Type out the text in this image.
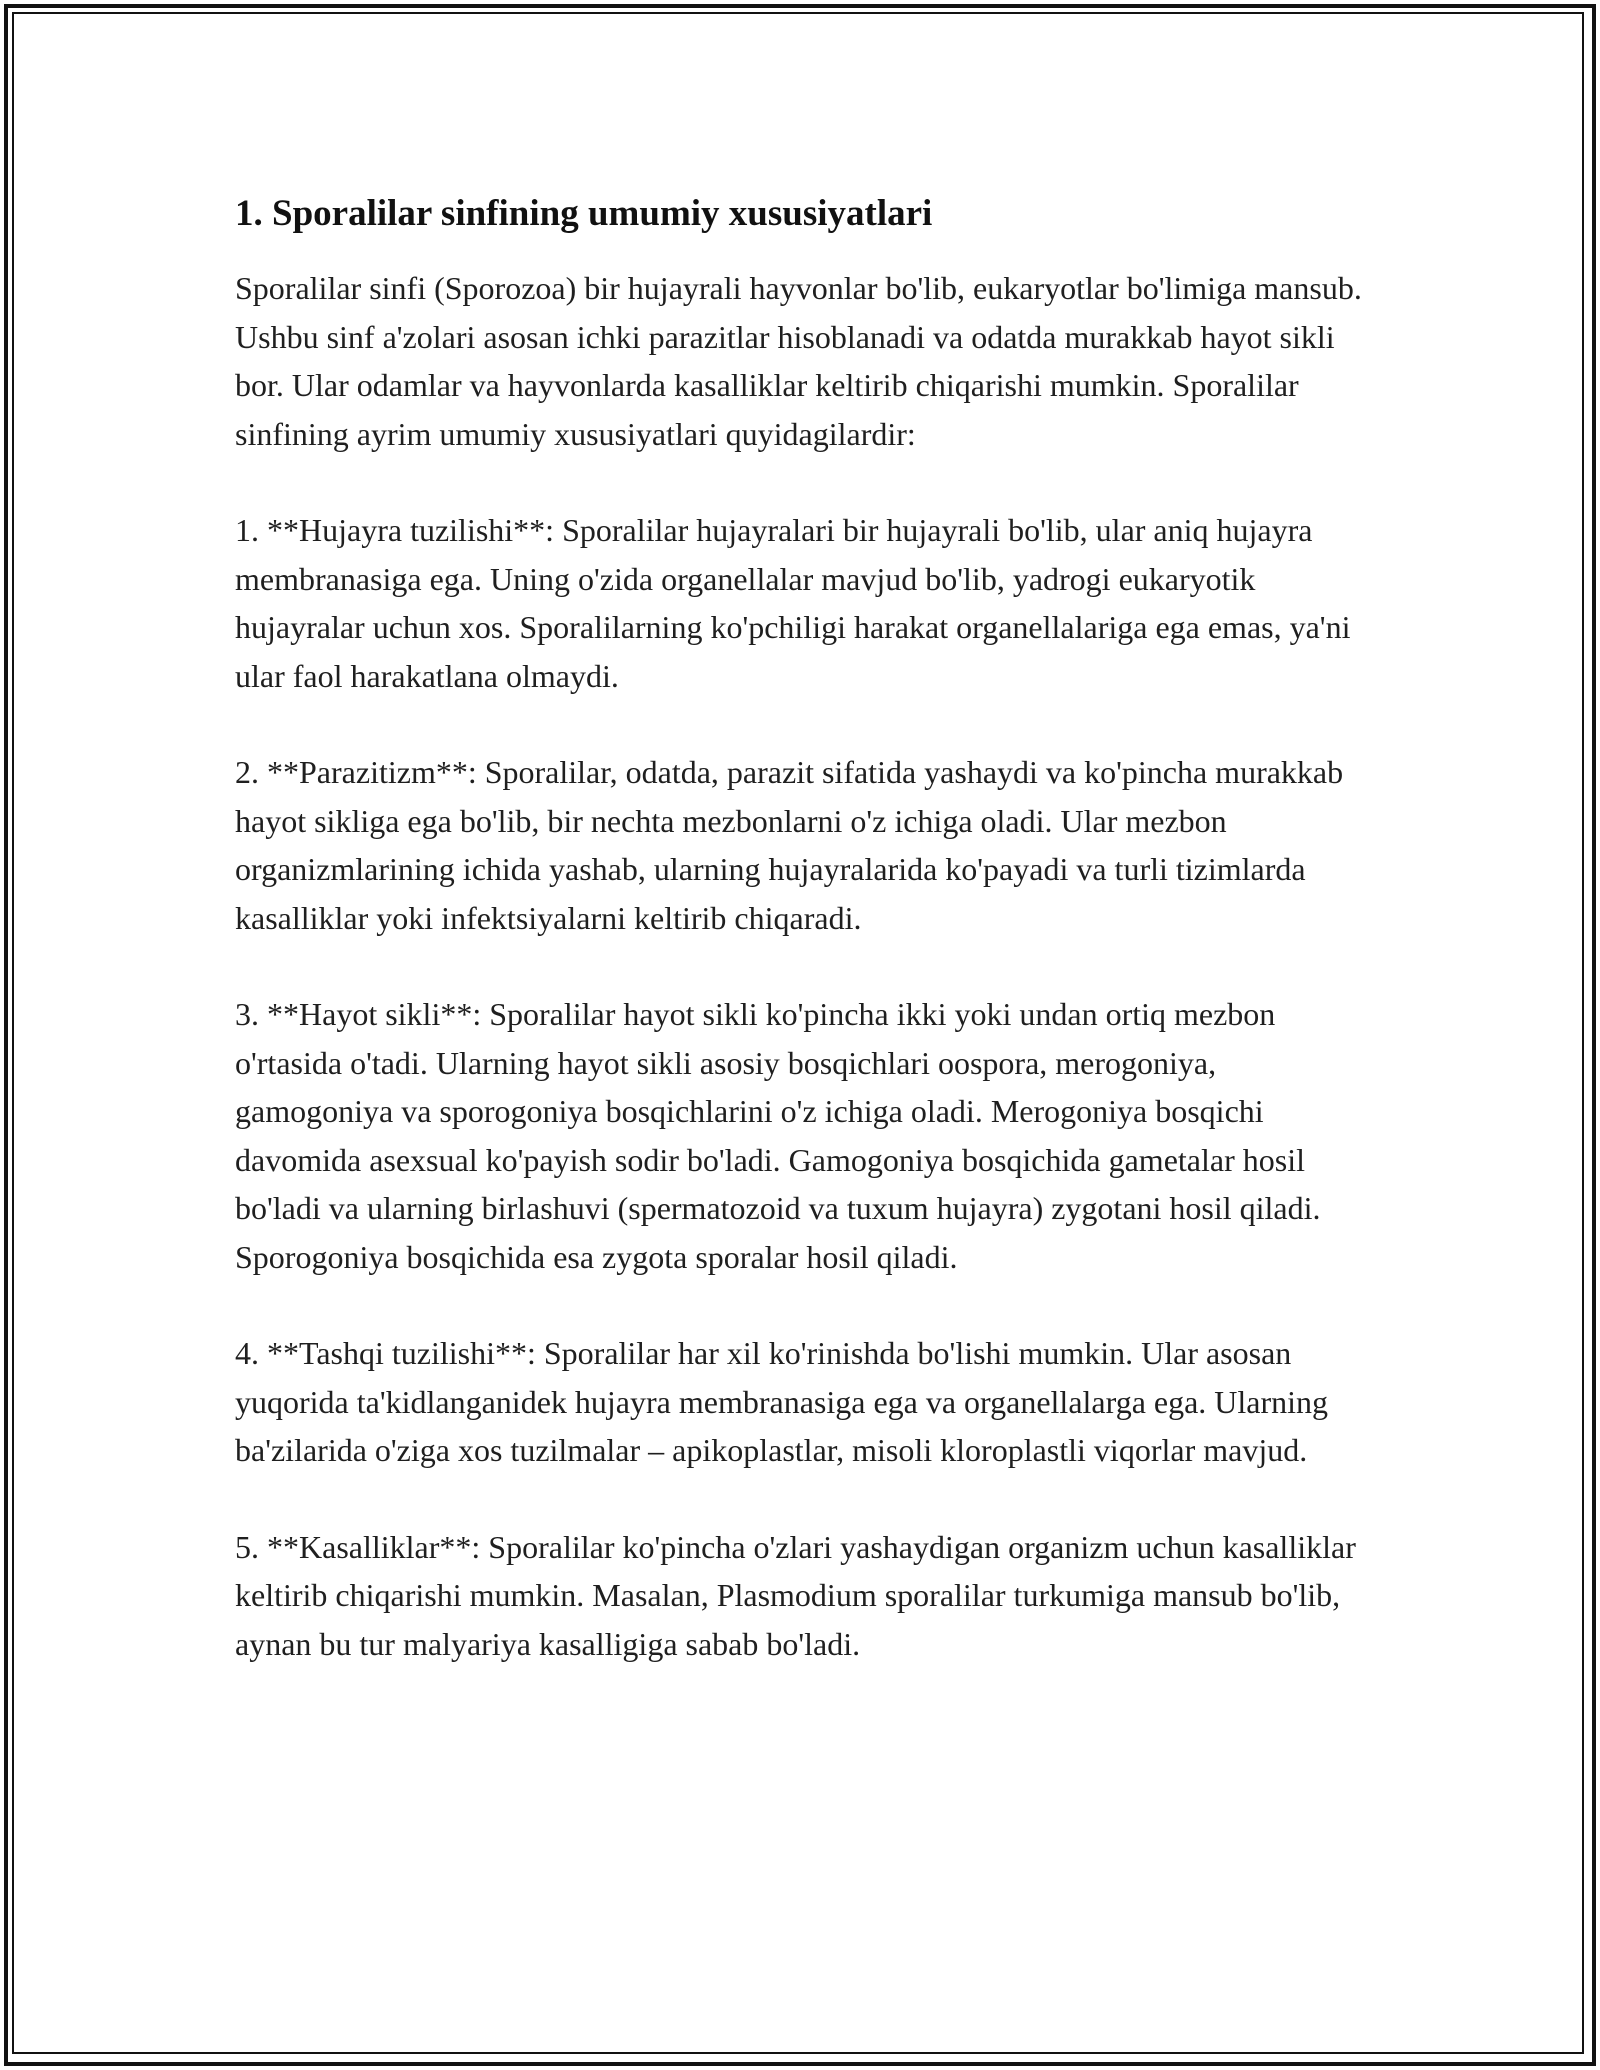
1. Sporalilar sinfining umumiy xususiyatlari

Sporalilar sinfi (Sporozoa) bir hujayrali hayvonlar bo'lib, eukaryotlar bo'limiga mansub. Ushbu sinf a'zolari asosan ichki parazitlar hisoblanadi va odatda murakkab hayot sikli bor. Ular odamlar va hayvonlarda kasalliklar keltirib chiqarishi mumkin. Sporalilar sinfining ayrim umumiy xususiyatlari quyidagilardir:

1. **Hujayra tuzilishi**: Sporalilar hujayralari bir hujayrali bo'lib, ular aniq hujayra membranasiga ega. Uning o'zida organellalar mavjud bo'lib, yadrogi eukaryotik hujayralar uchun xos. Sporalilarning ko'pchiligi harakat organellalariga ega emas, ya'ni ular faol harakatlana olmaydi.

2. **Parazitizm**: Sporalilar, odatda, parazit sifatida yashaydi va ko'pincha murakkab hayot sikliga ega bo'lib, bir nechta mezbonlarni o'z ichiga oladi. Ular mezbon organizmlarining ichida yashab, ularning hujayralarida ko'payadi va turli tizimlarda kasalliklar yoki infektsiyalarni keltirib chiqaradi.

3. **Hayot sikli**: Sporalilar hayot sikli ko'pincha ikki yoki undan ortiq mezbon o'rtasida o'tadi. Ularning hayot sikli asosiy bosqichlari oospora, merogoniya, gamogoniya va sporogoniya bosqichlarini o'z ichiga oladi. Merogoniya bosqichi davomida asexsual ko'payish sodir bo'ladi. Gamogoniya bosqichida gametalar hosil bo'ladi va ularning birlashuvi (spermatozoid va tuxum hujayra) zygotani hosil qiladi. Sporogoniya bosqichida esa zygota sporalar hosil qiladi.

4. **Tashqi tuzilishi**: Sporalilar har xil ko'rinishda bo'lishi mumkin. Ular asosan yuqorida ta'kidlanganidek hujayra membranasiga ega va organellalarga ega. Ularning ba'zilarida o'ziga xos tuzilmalar – apikoplastlar, misoli kloroplastli viqorlar mavjud.

5. **Kasalliklar**: Sporalilar ko'pincha o'zlari yashaydigan organizm uchun kasalliklar keltirib chiqarishi mumkin. Masalan, Plasmodium sporalilar turkumiga mansub bo'lib, aynan bu tur malyariya kasalligiga sabab bo'ladi.
